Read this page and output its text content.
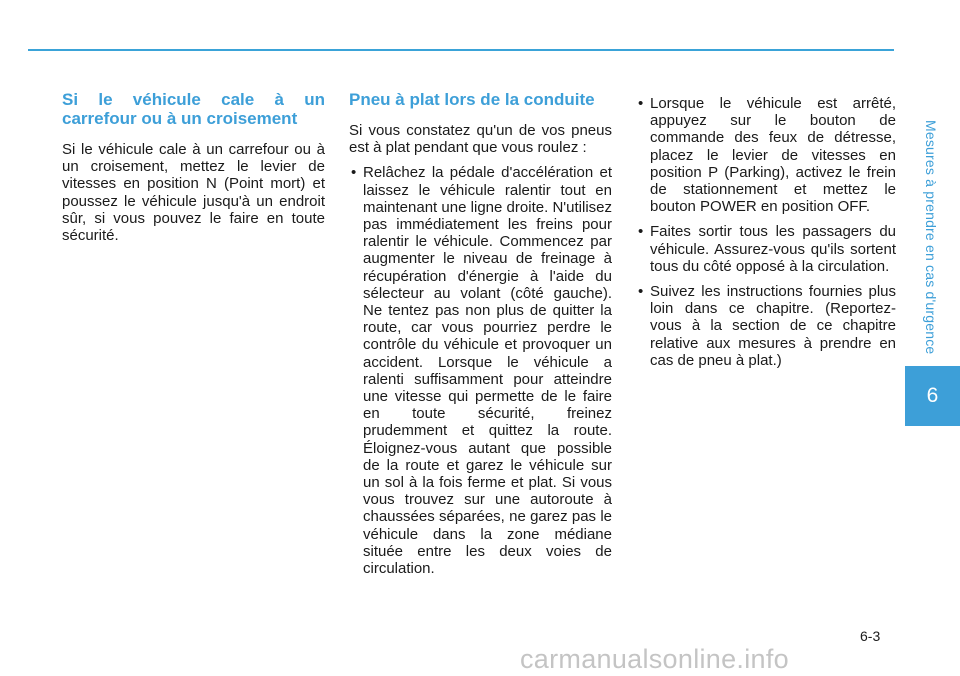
Si le véhicule cale à un carrefour ou à un croisement

Si le véhicule cale à un carrefour ou à un croisement, mettez le levier de vitesses en position N (Point mort) et poussez le véhicule jusqu'à un endroit sûr, si vous pouvez le faire en toute sécurité.

Pneu à plat lors de la conduite

Si vous constatez qu'un de vos pneus est à plat pendant que vous roulez :

• Relâchez la pédale d'accélération et laissez le véhicule ralentir tout en maintenant une ligne droite. N'utilisez pas immédiatement les freins pour ralentir le véhicule. Commencez par augmenter le niveau de freinage à récupération d'énergie à l'aide du sélecteur au volant (côté gauche). Ne tentez pas non plus de quitter la route, car vous pourriez perdre le contrôle du véhicule et provoquer un accident. Lorsque le véhicule a ralenti suffisamment pour atteindre une vitesse qui permette de le faire en toute sécurité, freinez prudemment et quittez la route. Éloignez-vous autant que possible de la route et garez le véhicule sur un sol à la fois ferme et plat. Si vous vous trouvez sur une autoroute à chaussées séparées, ne garez pas le véhicule dans la zone médiane située entre les deux voies de circulation.
• Lorsque le véhicule est arrêté, appuyez sur le bouton de commande des feux de détresse, placez le levier de vitesses en position P (Parking), activez le frein de stationnement et mettez le bouton POWER en position OFF.
• Faites sortir tous les passagers du véhicule. Assurez-vous qu'ils sortent tous du côté opposé à la circulation.
• Suivez les instructions fournies plus loin dans ce chapitre. (Reportez-vous à la section de ce chapitre relative aux mesures à prendre en cas de pneu à plat.)
Mesures à prendre en cas d'urgence
6
6-3
carmanualsonline.info
